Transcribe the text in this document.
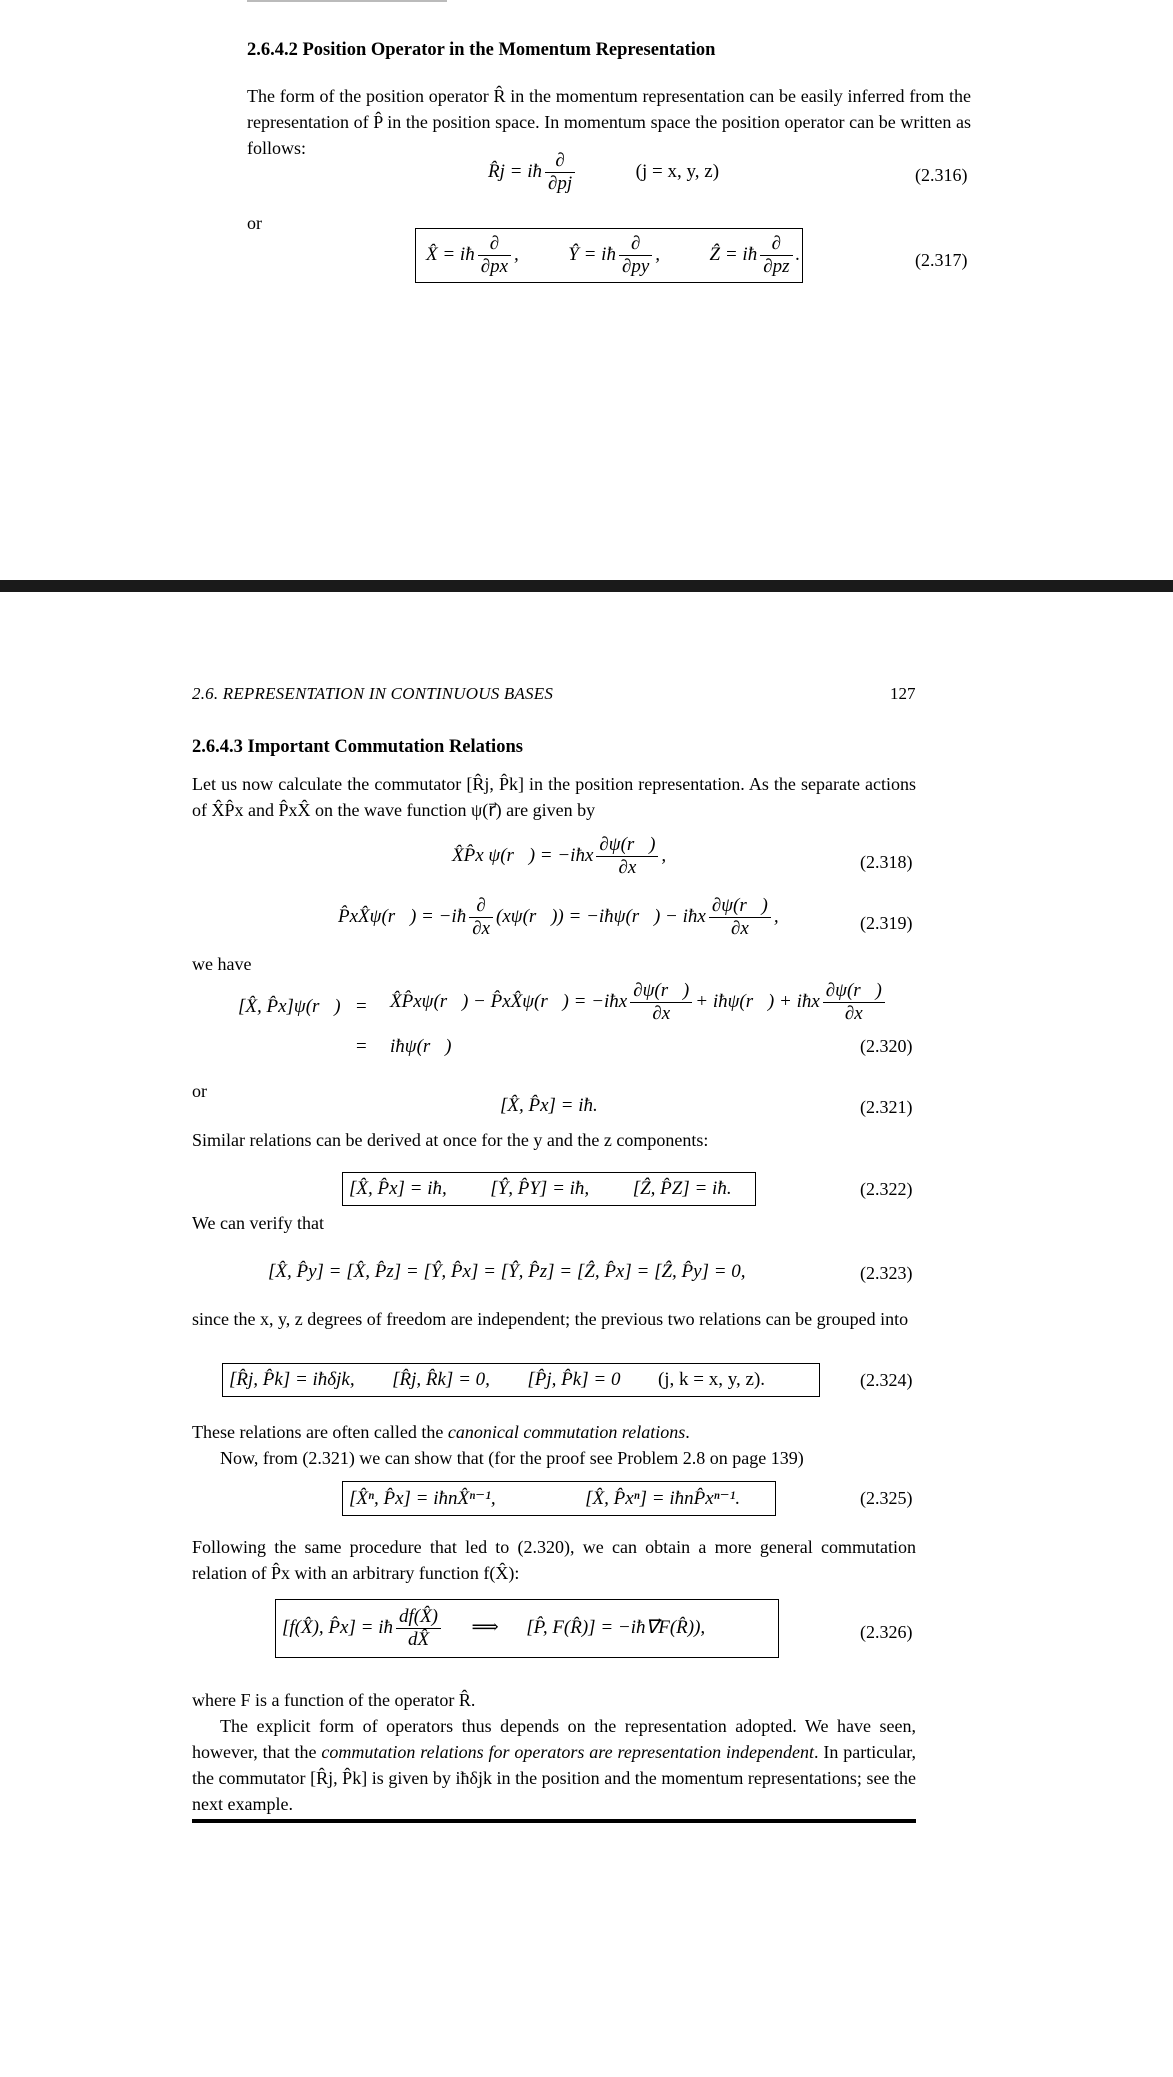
2.6.4.2 Position Operator in the Momentum Representation
The form of the position operator R̂ in the momentum representation can be easily inferred from the representation of P̂ in the position space. In momentum space the position operator can be written as follows:
R̂j = iħ $\frac{\partial}{\partial pj}$	(j = x, y, z)	(2.316)
or
X̂ = iħ $\frac{\partial}{\partial px}$ ,  Ŷ = iħ $\frac{\partial}{\partial py}$ ,  Ẑ = iħ $\frac{\partial}{\partial pz}$ .	(2.317)
2.6. REPRESENTATION IN CONTINUOUS BASES	127
2.6.4.3 Important Commutation Relations
Let us now calculate the commutator [R̂j, P̂k] in the position representation. As the separate actions of X̂P̂x and P̂xX̂ on the wave function ψ(r⃗) are given by
X̂P̂x ψ(r⃗) = −iħx $\frac{\partial\psi(r⃗)}{\partial x}$ ,	(2.318)
P̂xX̂ψ(r⃗) = −iħ $\frac{\partial}{\partial x}$ (xψ(r⃗)) = −iħψ(r⃗) − iħx $\frac{\partial\psi(r⃗)}{\partial x}$ ,	(2.319)
we have
[X̂, P̂x]ψ(r⃗) = X̂P̂xψ(r⃗) − P̂xX̂ψ(r⃗) = −iħx $\frac{\partial\psi(r⃗)}{\partial x}$ + iħψ(r⃗) + iħx $\frac{\partial\psi(r⃗)}{\partial x}$
= iħψ(r⃗)	(2.320)
or
[X̂, P̂x] = iħ.	(2.321)
Similar relations can be derived at once for the y and the z components:
[X̂, P̂x] = iħ, [Ŷ, P̂Y] = iħ, [Ẑ, P̂Z] = iħ.	(2.322)
We can verify that
[X̂, P̂y] = [X̂, P̂z] = [Ŷ, P̂x] = [Ŷ, P̂z] = [Ẑ, P̂x] = [Ẑ, P̂y] = 0,	(2.323)
since the x, y, z degrees of freedom are independent; the previous two relations can be grouped into
[R̂j, P̂k] = iħδjk, [R̂j, R̂k] = 0, [P̂j, P̂k] = 0 (j, k = x, y, z).	(2.324)
These relations are often called the canonical commutation relations.
Now, from (2.321) we can show that (for the proof see Problem 2.8 on page 139)
[X̂ⁿ, P̂x] = iħnX̂ⁿ⁻¹,	[X̂, P̂xⁿ] = iħnP̂xⁿ⁻¹.	(2.325)
Following the same procedure that led to (2.320), we can obtain a more general commutation relation of P̂x with an arbitrary function f(X̂):
[f(X̂), P̂x] = iħ $\frac{df(X̂)}{dX̂}$ ⟹ [P̂, F(R̂)] = −iħ∇⃗F(R̂)),	(2.326)
where F is a function of the operator R̂.
The explicit form of operators thus depends on the representation adopted. We have seen, however, that the commutation relations for operators are representation independent. In particular, the commutator [R̂j, P̂k] is given by iħδjk in the position and the momentum representations; see the next example.
